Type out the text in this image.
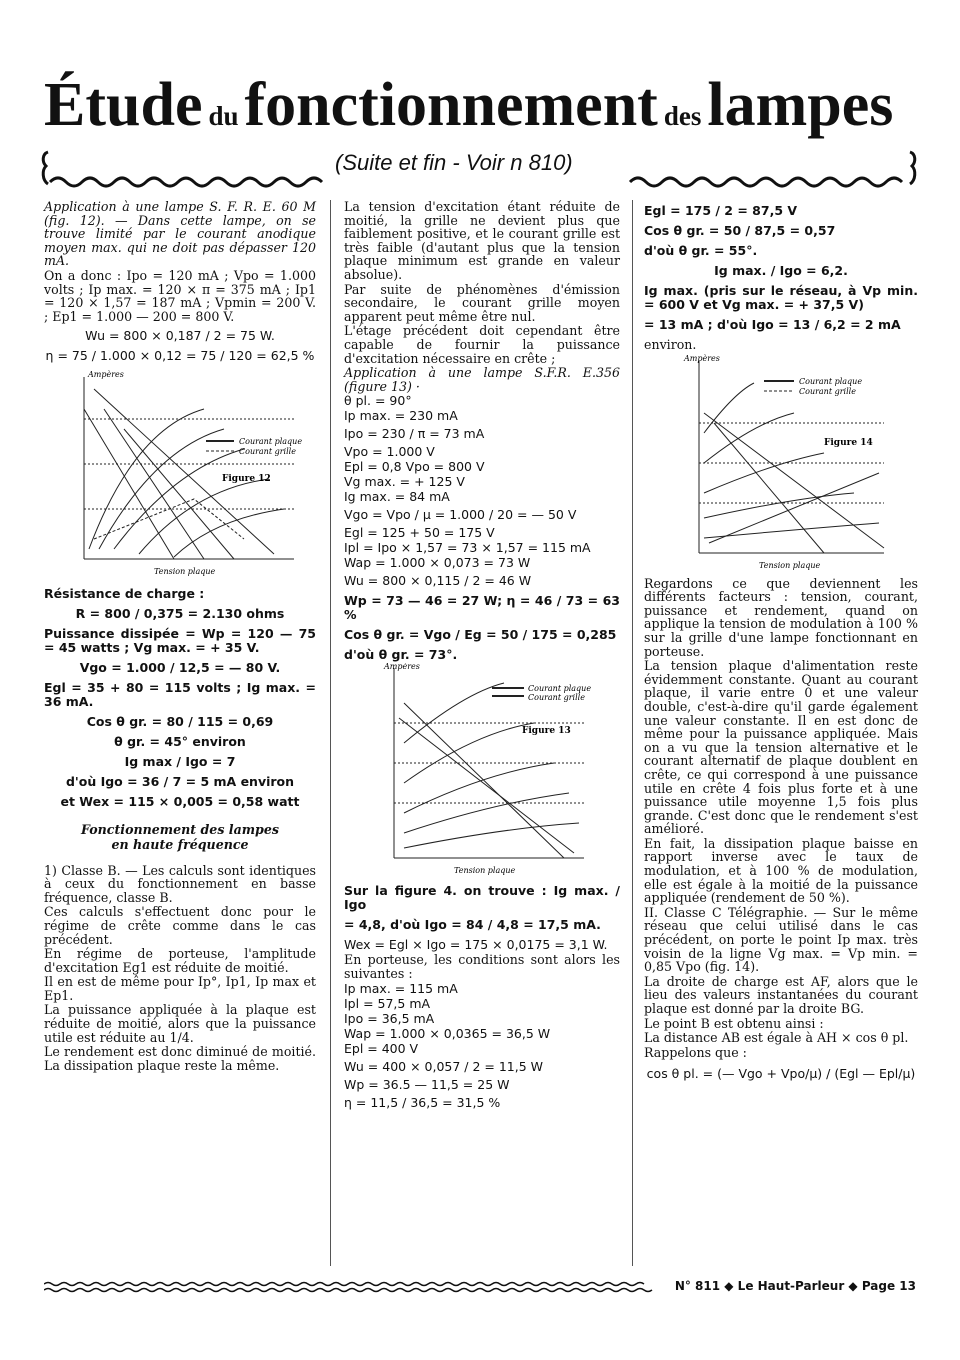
Étude dufonctionnement deslampes
(Suite et fin - Voir n 810)

Application à une lampe S. F. R. E. 60 M (fig. 12). — Dans cette lampe, on se trouve limité par le courant anodique moyen max. qui ne doit pas dépasser 120 mA.

On a donc : Ipo = 120 mA ; Vpo = 1.000 volts ; Ip max. = 120 × π = 375 mA ; Ip1 = 120 × 1,57 = 187 mA ; Vpmin = 200 V. ; Ep1 = 1.000 — 200 = 800 V.

Wu = 800 × 0,187 / 2 = 75 W.

η = 75 / 1.000 × 0,12 = 75 / 120 = 62,5 %

Courant plaque
Courant grille
Figure 12
Ampères
Tension plaque

Résistance de charge :

R = 800 / 0,375 = 2.130 ohms

Puissance dissipée = Wp = 120 — 75 = 45 watts ; Vg max. = + 35 V.

Vgo = 1.000 / 12,5 = — 80 V.

Egl = 35 + 80 = 115 volts ; Ig max. = 36 mA.

Cos θ gr. = 80 / 115 = 0,69

θ gr. = 45° environ

Ig max / Igo = 7

d'où Igo = 36 / 7 = 5 mA environ

et Wex = 115 × 0,005 = 0,58 watt

Fonctionnement des lampes

en haute fréquence

1) Classe B. — Les calculs sont identiques à ceux du fonctionnement en basse fréquence, classe B.

Ces calculs s'effectuent donc pour le régime de crête comme dans le cas précédent.

En régime de porteuse, l'amplitude d'excitation Eg1 est réduite de moitié.

Il en est de même pour Ip°, Ip1, Ip max et Ep1.

La puissance appliquée à la plaque est réduite de moitié, alors que la puissance utile est réduite au 1/4.

Le rendement est donc diminué de moitié. La dissipation plaque reste la même.

La tension d'excitation étant réduite de moitié, la grille ne devient plus que faiblement positive, et le courant grille est très faible (d'autant plus que la tension plaque minimum est grande en valeur absolue).

Par suite de phénomènes d'émission secondaire, le courant grille moyen apparent peut même être nul.

L'étage précédent doit cependant être capable de fournir la puissance d'excitation nécessaire en crête ;

Application à une lampe S.F.R. E.356 (figure 13) ·

θ pl. = 90°

Ip max. = 230 mA

Ipo = 230 / π = 73 mA

Vpo = 1.000 V

Epl = 0,8 Vpo = 800 V

Vg max. = + 125 V

Ig max. = 84 mA

Vgo = Vpo / μ = 1.000 / 20 = — 50 V

Egl = 125 + 50 = 175 V

Ipl = Ipo × 1,57 = 73 × 1,57 = 115 mA

Wap = 1.000 × 0,073 = 73 W

Wu = 800 × 0,115 / 2 = 46 W

Wp = 73 — 46 = 27 W; η = 46 / 73 = 63 %

Cos θ gr. = Vgo / Eg = 50 / 175 = 0,285

d'où θ gr. = 73°.

Courant plaque
Courant grille
Figure 13
Ampères
Tension plaque

Sur la figure 4. on trouve : Ig max. / Igo

= 4,8, d'où Igo = 84 / 4,8 = 17,5 mA.

Wex = Egl × Igo = 175 × 0,0175 = 3,1 W.

En porteuse, les conditions sont alors les suivantes :

Ip max. = 115 mA

Ipl = 57,5 mA

Ipo = 36,5 mA

Wap = 1.000 × 0,0365 = 36,5 W

Epl = 400 V

Wu = 400 × 0,057 / 2 = 11,5 W

Wp = 36.5 — 11,5 = 25 W

η = 11,5 / 36,5 = 31,5 %

Egl = 175 / 2 = 87,5 V

Cos θ gr. = 50 / 87,5 = 0,57

d'où θ gr. = 55°.

Ig max. / Igo = 6,2.

Ig max. (pris sur le réseau, à Vp min. = 600 V et Vg max. = + 37,5 V)

= 13 mA ; d'où Igo = 13 / 6,2 = 2 mA

environ.

Courant plaque
Courant grille
Figure 14
Ampères
Tension plaque

Regardons ce que deviennent les différents facteurs : tension, courant, puissance et rendement, quand on applique la tension de modulation à 100 % sur la grille d'une lampe fonctionnant en porteuse.

La tension plaque d'alimentation reste évidemment constante. Quant au courant plaque, il varie entre 0 et une valeur double, c'est-à-dire qu'il garde également une valeur constante. Il en est donc de même pour la puissance appliquée. Mais on a vu que la tension alternative et le courant alternatif de plaque doublent en crête, ce qui correspond à une puissance utile en crête 4 fois plus forte et à une puissance utile moyenne 1,5 fois plus grande. C'est donc que le rendement s'est amélioré.

En fait, la dissipation plaque baisse en rapport inverse avec le taux de modulation, et à 100 % de modulation, elle est égale à la moitié de la puissance appliquée (rendement de 50 %).

II. Classe C Télégraphie. — Sur le même réseau que celui utilisé dans le cas précédent, on porte le point Ip max. très voisin de la ligne Vg max. = Vp min. = 0,85 Vpo (fig. 14).

La droite de charge est AF, alors que le lieu des valeurs instantanées du courant plaque est donné par la droite BG.

Le point B est obtenu ainsi :

La distance AB est égale à AH × cos θ pl.

Rappelons que :

cos θ pl. = (— Vgo + Vpo/μ) / (Egl — Epl/μ)

N° 811 ◆ Le Haut-Parleur ◆ Page 13
